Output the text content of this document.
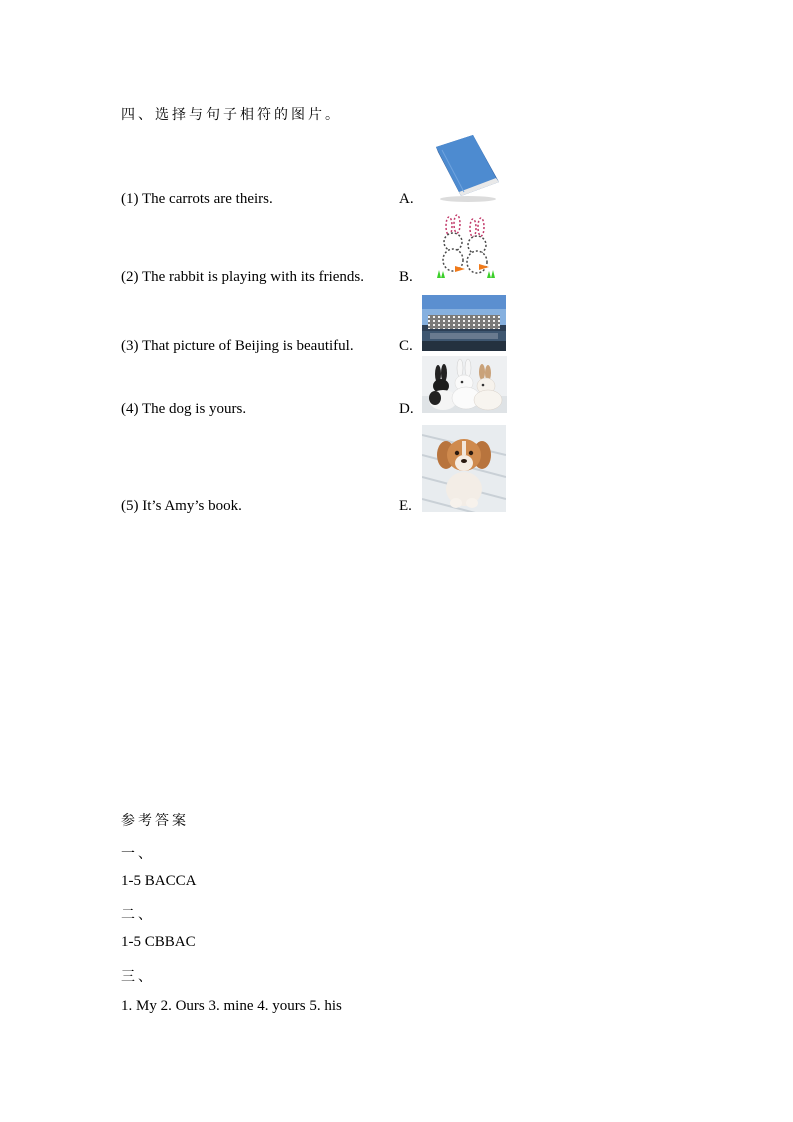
四、选择与句子相符的图片。
(1) The carrots are theirs.	A.
(2) The rabbit is playing with its friends. B.
(3) That picture of Beijing is beautiful.	C.
(4) The dog is yours.	D.
(5) It’s Amy’s book.	E.
参考答案
一、
1-5 BACCA
二、
1-5 CBBAC
三、
1. My 2. Ours 3. mine 4. yours 5. his
